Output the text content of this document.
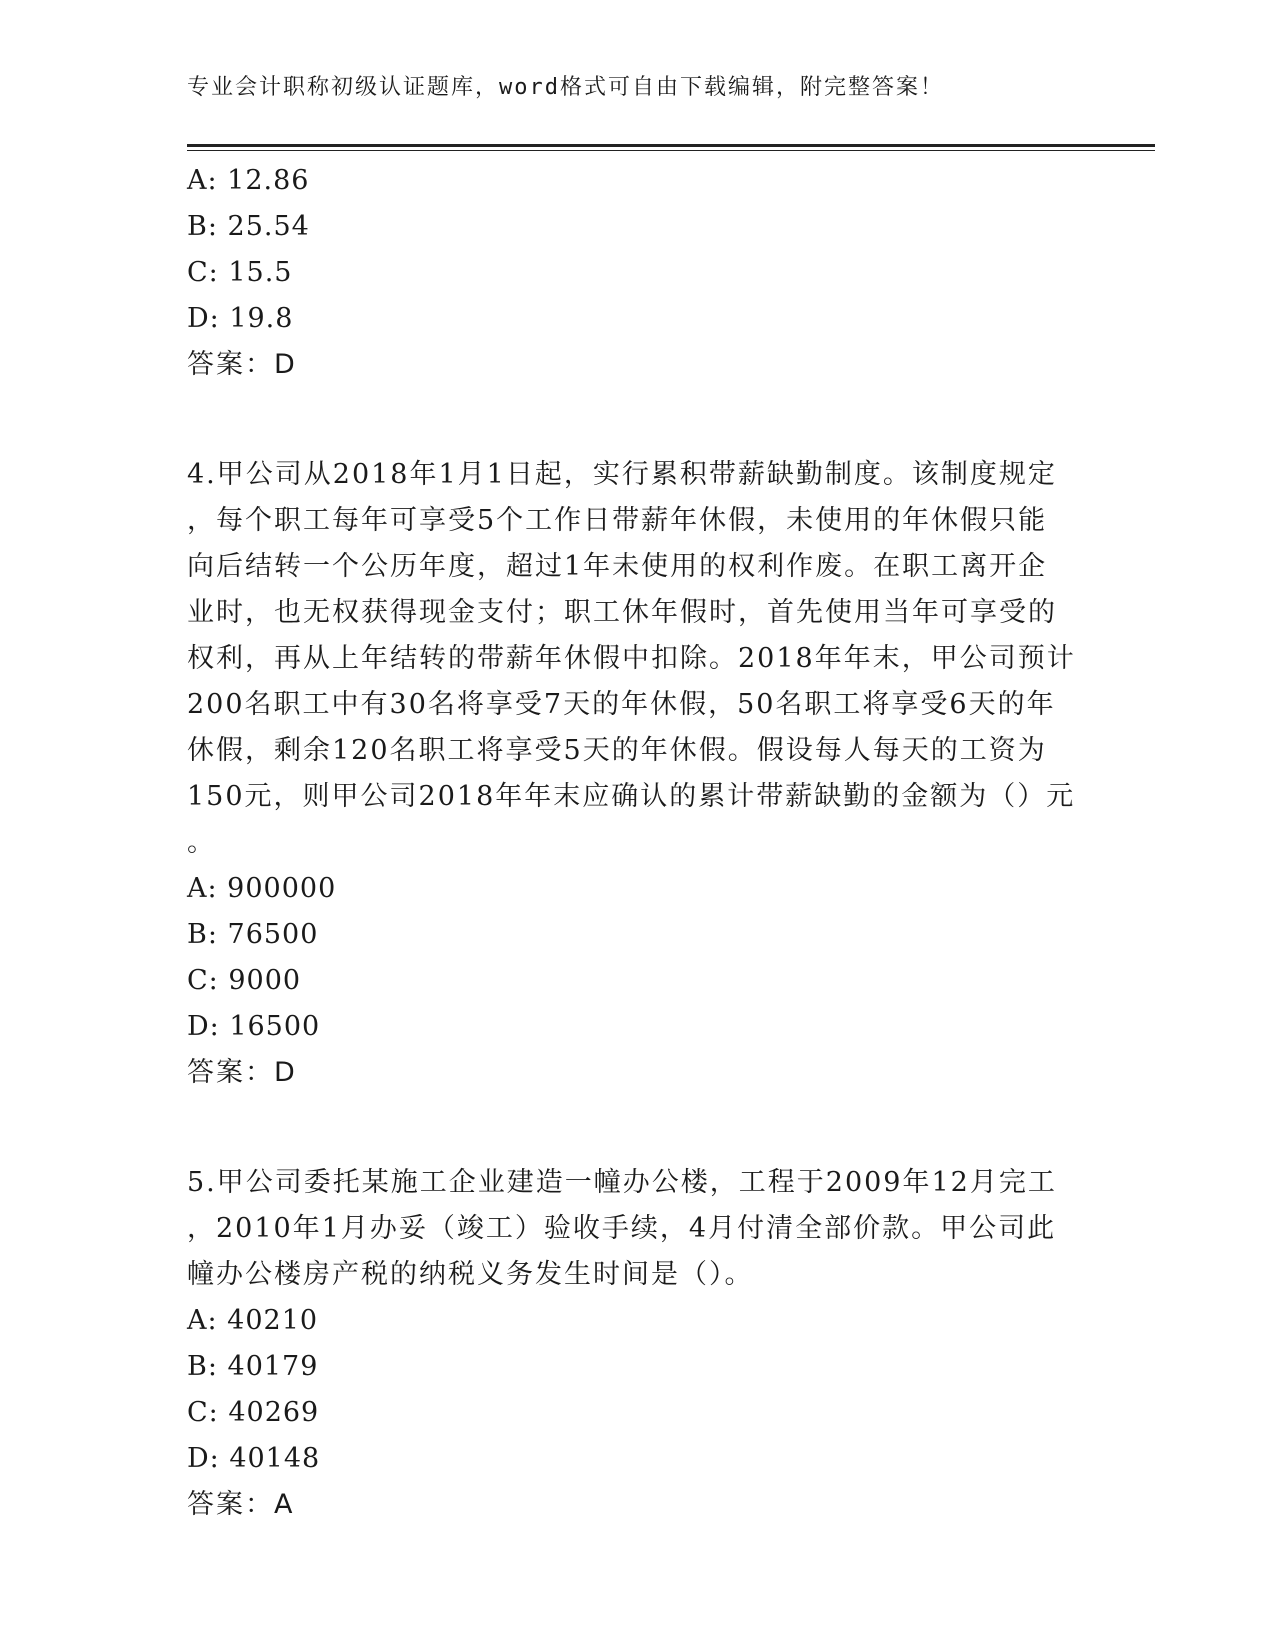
专业会计职称初级认证题库，word格式可自由下载编辑，附完整答案！

A: 12.86

B: 25.54

C: 15.5

D: 19.8

答案：D

4.甲公司从2018年1月1日起，实行累积带薪缺勤制度。该制度规定

，每个职工每年可享受5个工作日带薪年休假，未使用的年休假只能

向后结转一个公历年度，超过1年未使用的权利作废。在职工离开企

业时，也无权获得现金支付；职工休年假时，首先使用当年可享受的

权利，再从上年结转的带薪年休假中扣除。2018年年末，甲公司预计

200名职工中有30名将享受7天的年休假，50名职工将享受6天的年

休假，剩余120名职工将享受5天的年休假。假设每人每天的工资为

150元，则甲公司2018年年末应确认的累计带薪缺勤的金额为（）元

。

A: 900000

B: 76500

C: 9000

D: 16500

答案：D

5.甲公司委托某施工企业建造一幢办公楼，工程于2009年12月完工

，2010年1月办妥（竣工）验收手续，4月付清全部价款。甲公司此

幢办公楼房产税的纳税义务发生时间是（）。

A: 40210

B: 40179

C: 40269

D: 40148

答案：A
